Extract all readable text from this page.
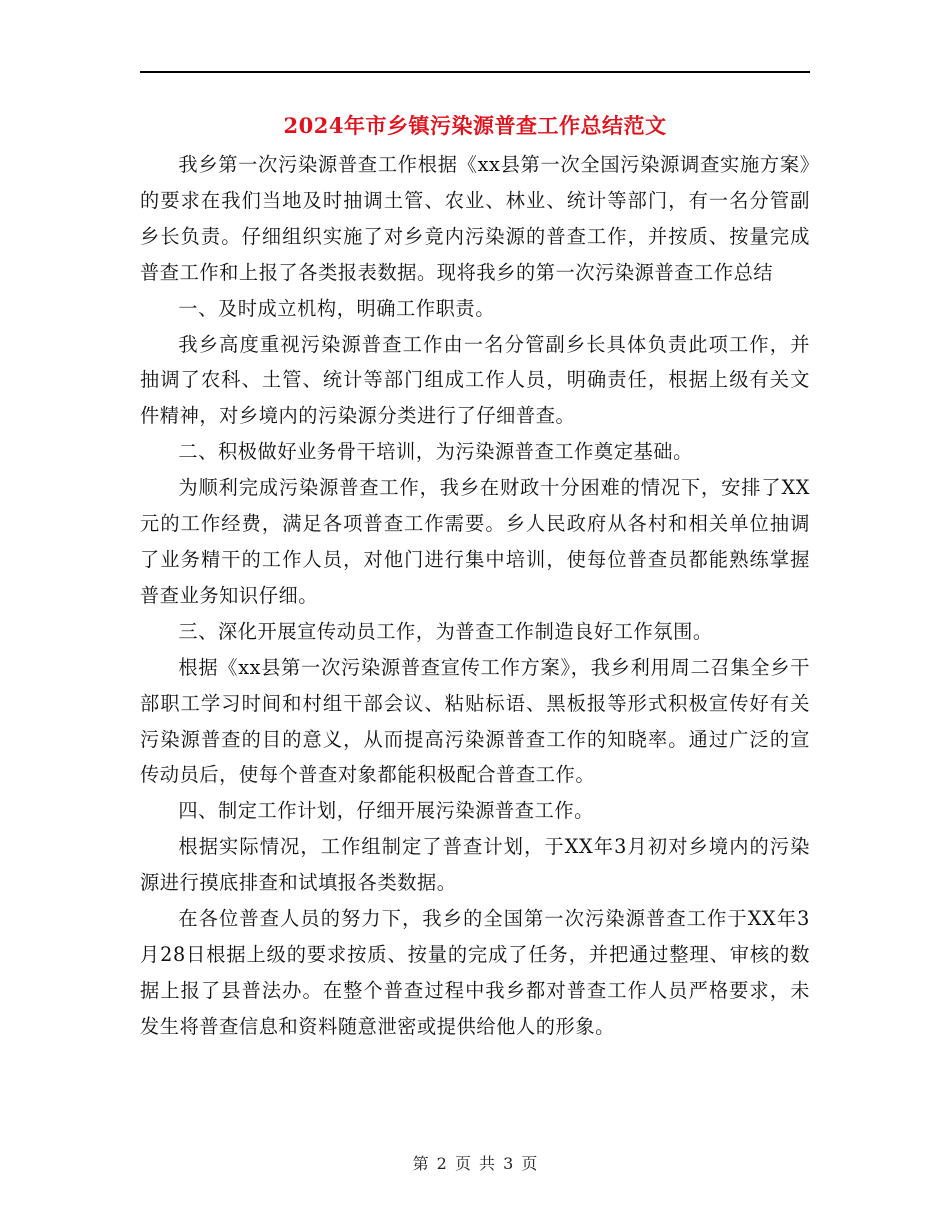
2024年市乡镇污染源普查工作总结范文

我乡第一次污染源普查工作根据《xx县第一次全国污染源调查实施方案》的要求在我们当地及时抽调土管、农业、林业、统计等部门，有一名分管副乡长负责。仔细组织实施了对乡竟内污染源的普查工作，并按质、按量完成普查工作和上报了各类报表数据。现将我乡的第一次污染源普查工作总结

一、及时成立机构，明确工作职责。

我乡高度重视污染源普查工作由一名分管副乡长具体负责此项工作，并抽调了农科、土管、统计等部门组成工作人员，明确责任，根据上级有关文件精神，对乡境内的污染源分类进行了仔细普查。

二、积极做好业务骨干培训，为污染源普查工作奠定基础。

为顺利完成污染源普查工作，我乡在财政十分困难的情况下，安排了XX元的工作经费，满足各项普查工作需要。乡人民政府从各村和相关单位抽调了业务精干的工作人员，对他门进行集中培训，使每位普查员都能熟练掌握普查业务知识仔细。

三、深化开展宣传动员工作，为普查工作制造良好工作氛围。

根据《xx县第一次污染源普查宣传工作方案》，我乡利用周二召集全乡干部职工学习时间和村组干部会议、粘贴标语、黑板报等形式积极宣传好有关污染源普查的目的意义，从而提高污染源普查工作的知晓率。通过广泛的宣传动员后，使每个普查对象都能积极配合普查工作。

四、制定工作计划，仔细开展污染源普查工作。

根据实际情况，工作组制定了普查计划，于XX年3月初对乡境内的污染源进行摸底排查和试填报各类数据。

在各位普查人员的努力下，我乡的全国第一次污染源普查工作于XX年3月28日根据上级的要求按质、按量的完成了任务，并把通过整理、审核的数据上报了县普法办。在整个普查过程中我乡都对普查工作人员严格要求，未发生将普查信息和资料随意泄密或提供给他人的形象。

第 2 页 共 3 页
